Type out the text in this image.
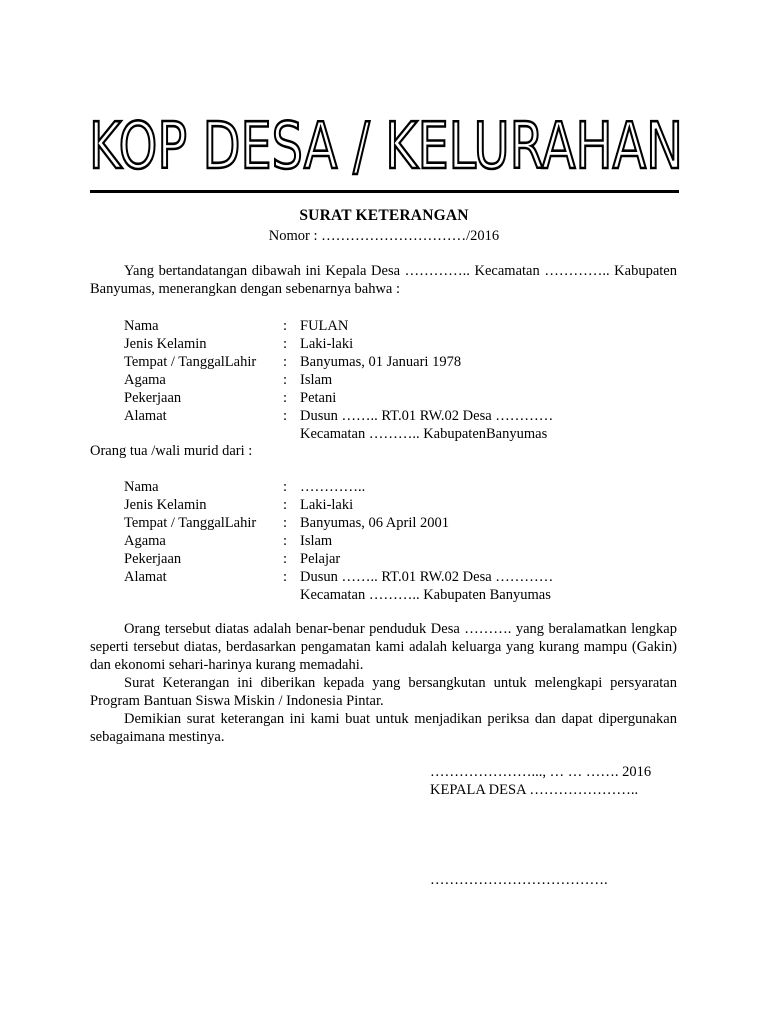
KOP DESA / KELURAHAN
SURAT KETERANGAN
Nomor : …………………………/2016
Yang bertandatangan dibawah ini Kepala Desa ………….. Kecamatan ………….. Kabupaten Banyumas, menerangkan dengan sebenarnya bahwa :
Nama	: FULAN
Jenis Kelamin	: Laki-laki
Tempat / TanggalLahir : Banyumas, 01 Januari 1978
Agama	: Islam
Pekerjaan	: Petani
Alamat	: Dusun …….. RT.01 RW.02 Desa …………
Kecamatan ……….. KabupatenBanyumas
Orang tua /wali murid dari :
Nama	: …………..
Jenis Kelamin	: Laki-laki
Tempat / TanggalLahir : Banyumas, 06 April 2001
Agama	: Islam
Pekerjaan	: Pelajar
Alamat	: Dusun …….. RT.01 RW.02 Desa …………
Kecamatan ……….. Kabupaten Banyumas
Orang tersebut diatas adalah benar-benar penduduk Desa ………. yang beralamatkan lengkap seperti tersebut diatas, berdasarkan pengamatan kami adalah keluarga yang kurang mampu (Gakin) dan ekonomi sehari-harinya kurang memadahi.
Surat Keterangan ini diberikan kepada yang bersangkutan untuk melengkapi persyaratan Program Bantuan Siswa Miskin / Indonesia Pintar.
Demikian surat keterangan ini kami buat untuk menjadikan periksa dan dapat dipergunakan sebagaimana mestinya.
…………………..., … … ……. 2016
KEPALA DESA …………………..
……………………………….
